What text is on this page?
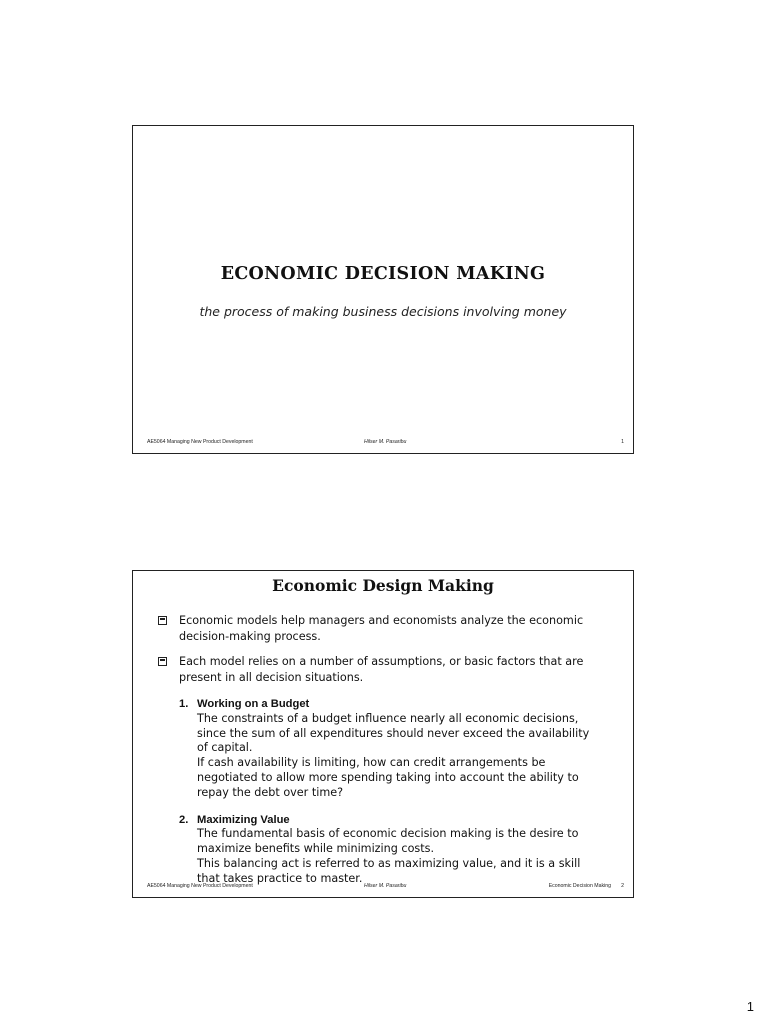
ECONOMIC DECISION MAKING
the process of making business decisions involving money
AE5064 Managing New Product Development	Hilser M. Pasaribu	1
Economic Design Making
Economic models help managers and economists analyze the economic decision-making process.
Each model relies on a number of assumptions, or basic factors that are present in all decision situations.
1. Working on a Budget
The constraints of a budget influence nearly all economic decisions,
since the sum of all expenditures should never exceed the availability
of capital.
If cash availability is limiting, how can credit arrangements be
negotiated to allow more spending taking into account the ability to
repay the debt over time?
2. Maximizing Value
The fundamental basis of economic decision making is the desire to
maximize benefits while minimizing costs.
This balancing act is referred to as maximizing value, and it is a skill
that takes practice to master.
AE5064 Managing New Product Development	Hilser M. Pasaribu	Economic Decision Making 2
1
